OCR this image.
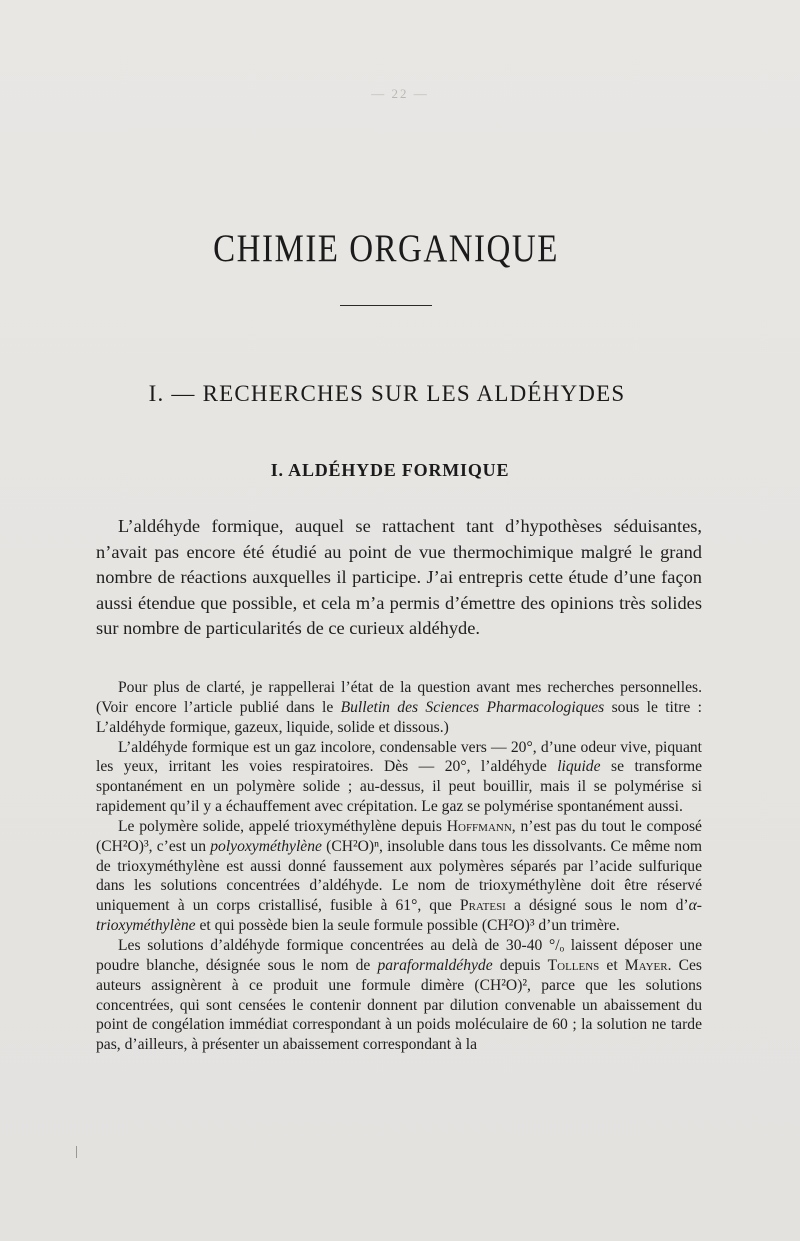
— 22 —
CHIMIE ORGANIQUE
I. — RECHERCHES SUR LES ALDÉHYDES
I. ALDÉHYDE FORMIQUE
L’aldéhyde formique, auquel se rattachent tant d’hypothèses séduisantes, n’avait pas encore été étudié au point de vue thermochimique malgré le grand nombre de réactions auxquelles il participe. J’ai entrepris cette étude d’une façon aussi étendue que possible, et cela m’a permis d’émettre des opinions très solides sur nombre de particularités de ce curieux aldéhyde.

Pour plus de clarté, je rappellerai l’état de la question avant mes recherches personnelles. (Voir encore l’article publié dans le Bulletin des Sciences Pharmacologiques sous le titre : L’aldéhyde formique, gazeux, liquide, solide et dissous.)

L’aldéhyde formique est un gaz incolore, condensable vers — 20°, d’une odeur vive, piquant les yeux, irritant les voies respiratoires. Dès — 20°, l’aldéhyde liquide se transforme spontanément en un polymère solide ; au-dessus, il peut bouillir, mais il se polymérise si rapidement qu’il y a échauffement avec crépitation. Le gaz se polymérise spontanément aussi.

Le polymère solide, appelé trioxyméthylène depuis Hoffmann, n’est pas du tout le composé (CH²O)³, c’est un polyoxyméthylène (CH²O)ⁿ, insoluble dans tous les dissolvants. Ce même nom de trioxyméthylène est aussi donné faussement aux polymères séparés par l’acide sulfurique dans les solutions concentrées d’aldéhyde. Le nom de trioxyméthylène doit être réservé uniquement à un corps cristallisé, fusible à 61°, que Pratesi a désigné sous le nom d’α-trioxyméthylène et qui possède bien la seule formule possible (CH²O)³ d’un trimère.

Les solutions d’aldéhyde formique concentrées au delà de 30-40 °/ₒ laissent déposer une poudre blanche, désignée sous le nom de paraformaldéhyde depuis Tollens et Mayer. Ces auteurs assignèrent à ce produit une formule dimère (CH²O)², parce que les solutions concentrées, qui sont censées le contenir donnent par dilution convenable un abaissement du point de congélation immédiat correspondant à un poids moléculaire de 60 ; la solution ne tarde pas, d’ailleurs, à présenter un abaissement correspondant à la
